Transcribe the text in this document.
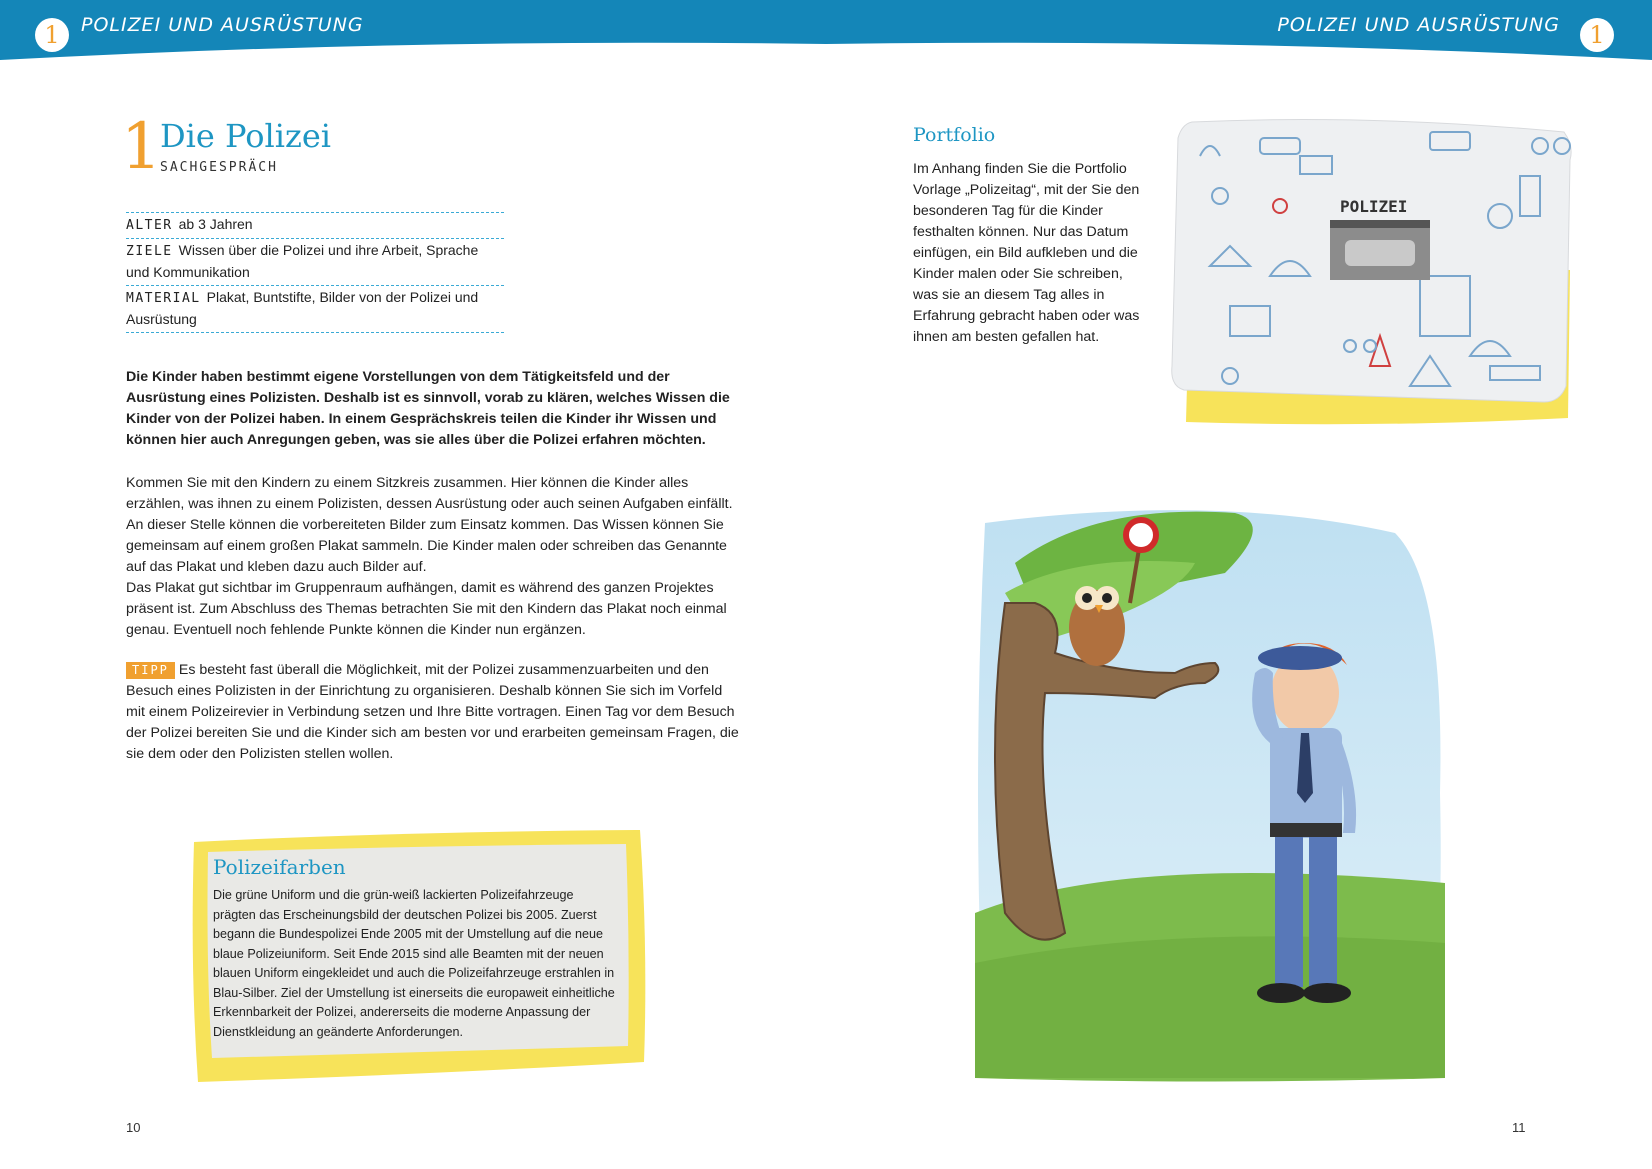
1	POLIZEI UND AUSRÜSTUNG	POLIZEI UND AUSRÜSTUNG	1
1
Die Polizei
SACHGESPRÄCH
ALTER ab 3 Jahren
ZIELE Wissen über die Polizei und ihre Arbeit, Sprache und Kommunikation
MATERIAL Plakat, Buntstifte, Bilder von der Polizei und Ausrüstung
Die Kinder haben bestimmt eigene Vorstellungen von dem Tätigkeitsfeld und der Ausrüstung eines Polizisten. Deshalb ist es sinnvoll, vorab zu klären, welches Wissen die Kinder von der Polizei haben. In einem Gesprächskreis teilen die Kinder ihr Wissen und können hier auch Anregungen geben, was sie alles über die Polizei erfahren möchten.

Kommen Sie mit den Kindern zu einem Sitzkreis zusammen. Hier können die Kinder alles erzählen, was ihnen zu einem Polizisten, dessen Ausrüstung oder auch seinen Aufgaben einfällt. An dieser Stelle können die vorbereiteten Bilder zum Einsatz kommen. Das Wissen können Sie gemeinsam auf einem großen Plakat sammeln. Die Kinder malen oder schreiben das Genannte auf das Plakat und kleben dazu auch Bilder auf.

Das Plakat gut sichtbar im Gruppenraum aufhängen, damit es während des ganzen Projektes präsent ist. Zum Abschluss des Themas betrachten Sie mit den Kindern das Plakat noch einmal genau. Eventuell noch fehlende Punkte können die Kinder nun ergänzen.

TIPP Es besteht fast überall die Möglichkeit, mit der Polizei zusammenzuarbeiten und den Besuch eines Polizisten in der Einrichtung zu organisieren. Deshalb können Sie sich im Vorfeld mit einem Polizeirevier in Verbindung setzen und Ihre Bitte vortragen. Einen Tag vor dem Besuch der Polizei bereiten Sie und die Kinder sich am besten vor und erarbeiten gemeinsam Fragen, die sie dem oder den Polizisten stellen wollen.
Polizeifarben
Die grüne Uniform und die grün-weiß lackierten Polizeifahrzeuge prägten das Erscheinungsbild der deutschen Polizei bis 2005. Zuerst begann die Bundespolizei Ende 2005 mit der Umstellung auf die neue blaue Polizeiuniform. Seit Ende 2015 sind alle Beamten mit der neuen blauen Uniform eingekleidet und auch die Polizeifahrzeuge erstrahlen in Blau-Silber. Ziel der Umstellung ist einerseits die europaweit einheitliche Erkennbarkeit der Polizei, andererseits die moderne Anpassung der Dienstkleidung an geänderte Anforderungen.
Portfolio
Im Anhang finden Sie die Portfolio Vorlage „Polizeitag“, mit der Sie den besonderen Tag für die Kinder festhalten können. Nur das Datum einfügen, ein Bild aufkleben und die Kinder malen oder Sie schreiben, was sie an diesem Tag alles in Erfahrung gebracht haben oder was ihnen am besten gefallen hat.
POLIZEI
10	11
